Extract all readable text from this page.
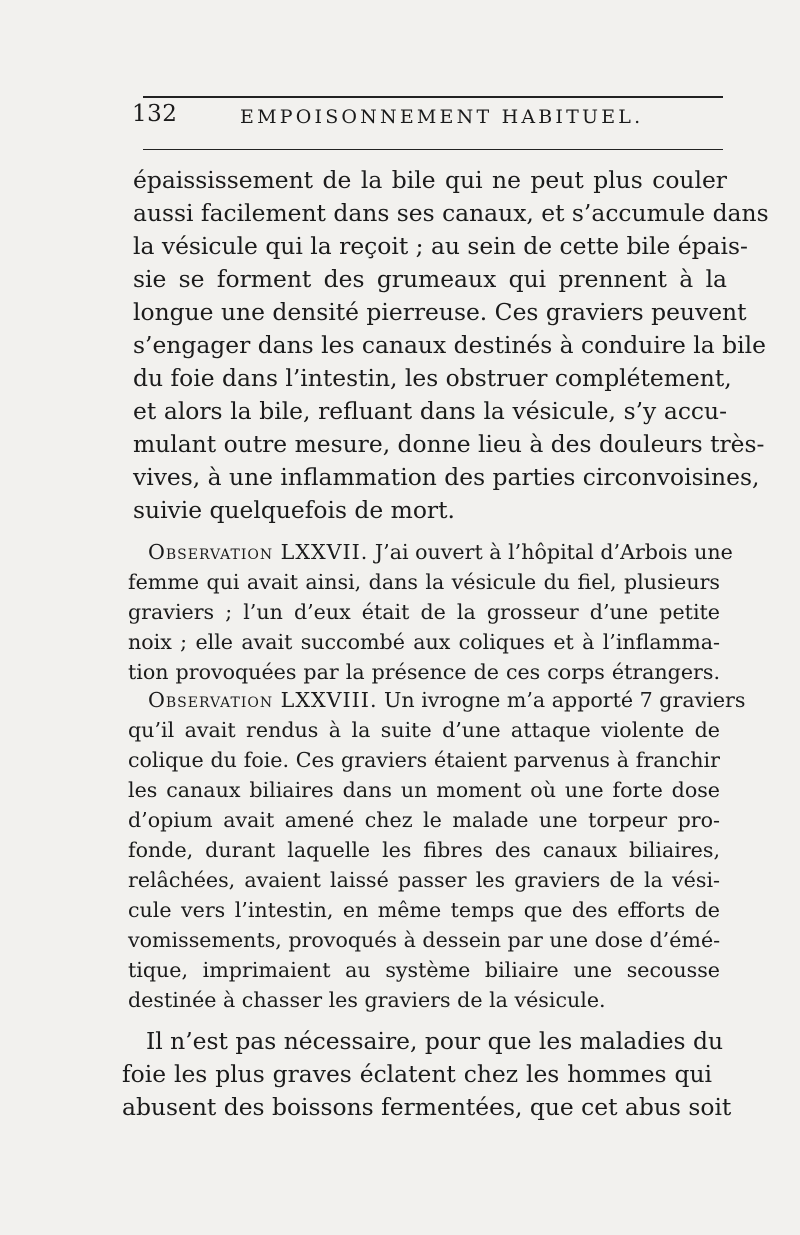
132	EMPOISONNEMENT HABITUEL.
épaississement de la bile qui ne peut plus couler
aussi facilement dans ses canaux, et s’accumule dans
la vésicule qui la reçoit ; au sein de cette bile épais-
sie se forment des grumeaux qui prennent à la
longue une densité pierreuse. Ces graviers peuvent
s’engager dans les canaux destinés à conduire la bile
du foie dans l’intestin, les obstruer complétement,
et alors la bile, refluant dans la vésicule, s’y accu-
mulant outre mesure, donne lieu à des douleurs très-
vives, à une inflammation des parties circonvoisines,
suivie quelquefois de mort.
Observation LXXVII. J’ai ouvert à l’hôpital d’Arbois une
femme qui avait ainsi, dans la vésicule du fiel, plusieurs
graviers ; l’un d’eux était de la grosseur d’une petite
noix ; elle avait succombé aux coliques et à l’inflamma-
tion provoquées par la présence de ces corps étrangers.
Observation LXXVIII. Un ivrogne m’a apporté 7 graviers
qu’il avait rendus à la suite d’une attaque violente de
colique du foie. Ces graviers étaient parvenus à franchir
les canaux biliaires dans un moment où une forte dose
d’opium avait amené chez le malade une torpeur pro-
fonde, durant laquelle les fibres des canaux biliaires,
relâchées, avaient laissé passer les graviers de la vési-
cule vers l’intestin, en même temps que des efforts de
vomissements, provoqués à dessein par une dose d’émé-
tique, imprimaient au système biliaire une secousse
destinée à chasser les graviers de la vésicule.
Il n’est pas nécessaire, pour que les maladies du
foie les plus graves éclatent chez les hommes qui
abusent des boissons fermentées, que cet abus soit
